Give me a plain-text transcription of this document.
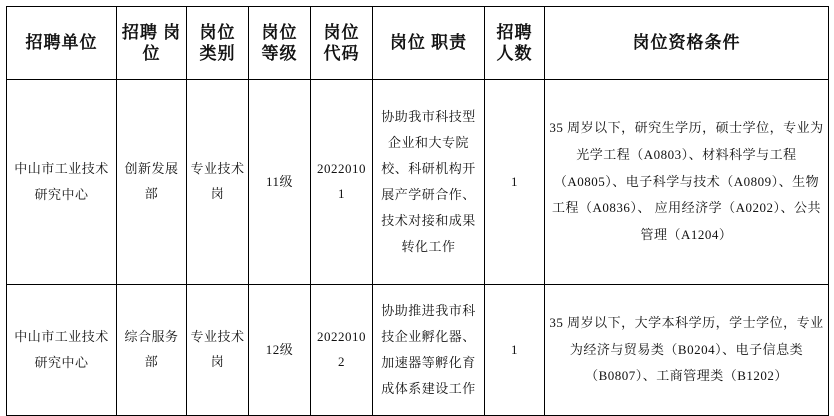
招聘单位	招聘 岗位	岗位 类别	岗位 等级	岗位 代码	岗位 职责	招聘 人数	岗位资格条件
中山市工业技术研究中心	创新发展部	专业技术岗	11级	20220101	协助我市科技型企业和大专院校、科研机构开展产学研合作、技术对接和成果转化工作	1	35 周岁以下，研究生学历，硕士学位，专业为光学工程（A0803）、材料科学与工程（A0805）、电子科学与技术（A0809）、生物工程（A0836）、 应用经济学（A0202）、公共管理（A1204）
中山市工业技术研究中心	综合服务部	专业技术岗	12级	20220102	协助推进我市科技企业孵化器、加速器等孵化育成体系建设工作	1	35 周岁以下，大学本科学历，学士学位，专业为经济与贸易类（B0204）、电子信息类（B0807）、工商管理类（B1202）
